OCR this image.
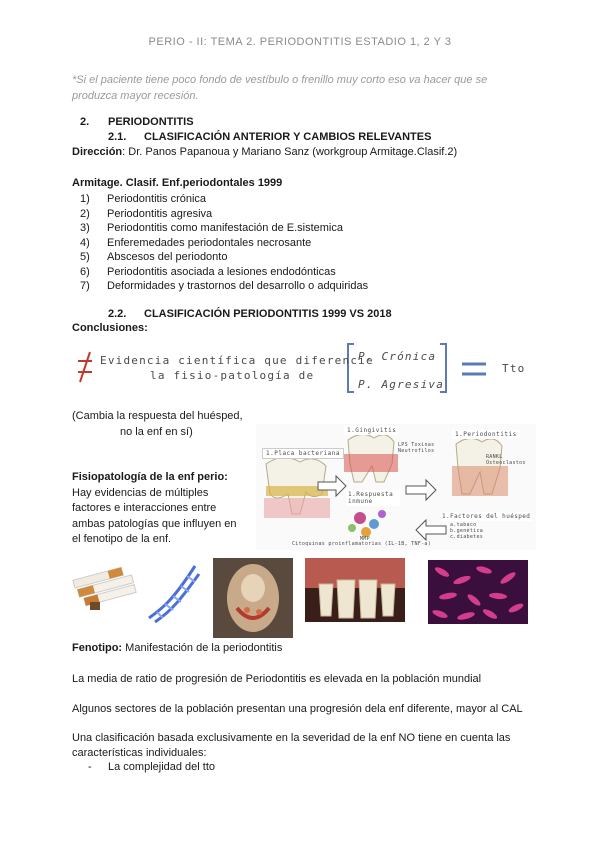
PERIO - II: TEMA 2. PERIODONTITIS ESTADIO 1, 2 Y 3
*Si el paciente tiene poco fondo de vestíbulo o frenillo muy corto eso va hacer que se produzca mayor recesión.
2. PERIODONTITIS
2.1. CLASIFICACIÓN ANTERIOR Y CAMBIOS RELEVANTES
Dirección: Dr. Panos Papanoua y Mariano Sanz (workgroup Armitage.Clasif.2)
Armitage. Clasif. Enf.periodontales 1999
1) Periodontitis crónica
2) Periodontitis agresiva
3) Periodontitis como manifestación de E.sistemica
4) Enferemedades periodontales necrosante
5) Abscesos del periodonto
6) Periodontitis asociada a lesiones endodónticas
7) Deformidades y trastornos del desarrollo o adquiridas
2.2. CLASIFICACIÓN PERIODONTITIS 1999 VS 2018
Conclusiones:
Evidencia científica que diferencie
la fisio-patología de
P. Crónica
P. Agresiva
Tto
(Cambia la respuesta del huésped,
no la enf en sí)
Fisiopatología de la enf perio:
Hay evidencias de múltiples factores e interacciones entre ambas patologías que influyen en el fenotipo de la enf.
1.Placa bacteriana
1.Gingivitis
1.Periodontitis
LPS Toxinas Neutrofilos
RANKL Osteoclastos
1.Respuesta inmune
1.Factores del huésped
a.tabaco b.genética c.diabetes
MMP
Citoquinas proinflamatorias (IL-1B, TNF-a)
Fenotipo: Manifestación de la periodontitis
La media de ratio de progresión de Periodontitis es elevada en la población mundial
Algunos sectores de la población presentan una progresión dela enf diferente, mayor al CAL
Una clasificación basada exclusivamente en la severidad de la enf NO tiene en cuenta las características individuales:
- La complejidad del tto
